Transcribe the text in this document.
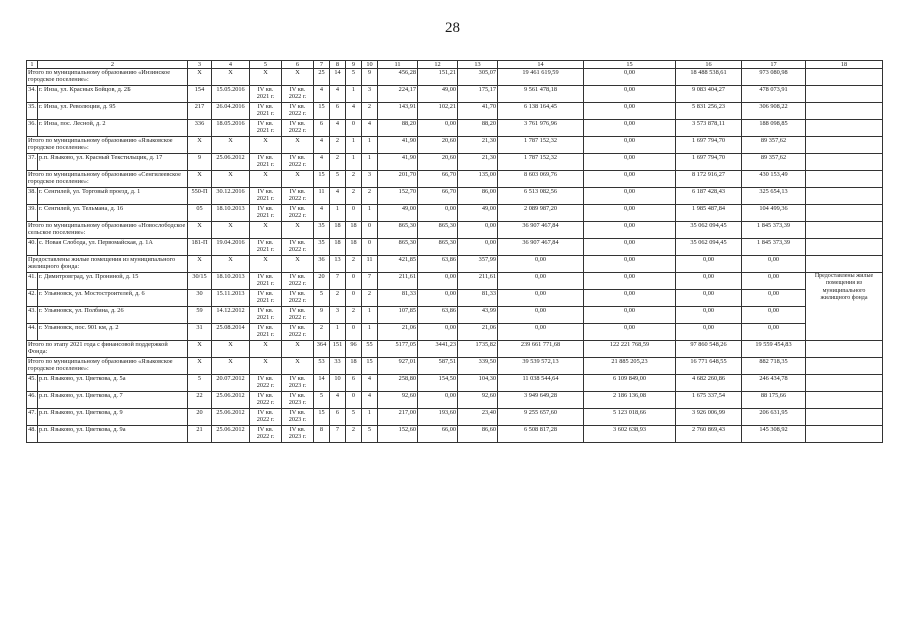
28
1	2	3	4	5	6	7	8	9	10	11	12	13	14	15	16	17	18
Итого по муниципальному образованию «Инзинское городское поселение»:		X	X	X	X	25	14	5	9	456,28	151,21	305,07	19 461 619,59	0,00	18 488 538,61	973 080,98	
34.	г. Инза, ул. Красных Бойцов, д. 2Б	154	15.05.2016	IV кв. 2021 г.	IV кв. 2022 г.	4	4	1	3	224,17	49,00	175,17	9 561 478,18	0,00	9 083 404,27	478 073,91	
35.	г. Инза, ул. Революции, д. 95	217	26.04.2016	IV кв. 2021 г.	IV кв. 2022 г.	15	6	4	2	143,91	102,21	41,70	6 138 164,45	0,00	5 831 256,23	306 908,22	
36.	г. Инза, пос. Лесной, д. 2	336	18.05.2016	IV кв. 2021 г.	IV кв. 2022 г.	6	4	0	4	88,20	0,00	88,20	3 761 976,96	0,00	3 573 878,11	188 098,85	
Итого по муниципальному образованию «Языковское городское поселение»:		X	X	X	X	4	2	1	1	41,90	20,60	21,30	1 787 152,32	0,00	1 697 794,70	89 357,62	
37.	р.п. Языково, ул. Красный Текстильщик, д. 17	9	25.06.2012	IV кв. 2021 г.	IV кв. 2022 г.	4	2	1	1	41,90	20,60	21,30	1 787 152,32	0,00	1 697 794,70	89 357,62	
Итого по муниципальному образованию «Сенгилеевское городское поселение»:		X	X	X	X	15	5	2	3	201,70	66,70	135,00	8 603 069,76	0,00	8 172 916,27	430 153,49	
38.	г. Сенгилей, ул. Торговый проезд, д. 1	550-П	30.12.2016	IV кв. 2021 г.	IV кв. 2022 г.	11	4	2	2	152,70	66,70	86,00	6 513 082,56	0,00	6 187 428,43	325 654,13	
39.	г. Сенгилей, ул. Тельмана, д. 16	05	18.10.2013	IV кв. 2021 г.	IV кв. 2022 г.	4	1	0	1	49,00	0,00	49,00	2 089 987,20	0,00	1 985 487,84	104 499,36	
Итого по муниципальному образованию «Новослободское сельское поселение»:		X	X	X	X	35	18	18	0	865,30	865,30	0,00	36 907 467,84	0,00	35 062 094,45	1 845 373,39	
40.	с. Новая Слобода, ул. Первомайская, д. 1А	181-П	19.04.2016	IV кв. 2021 г.	IV кв. 2022 г.	35	18	18	0	865,30	865,30	0,00	36 907 467,84	0,00	35 062 094,45	1 845 373,39	
Предоставлены жилые помещения из муниципального жилищного фонда:		X	X	X	X	36	13	2	11	421,85	63,86	357,99	0,00	0,00	0,00	0,00	
41.	г. Димитровград, ул. Прониной, д. 15	30/15	18.10.2013	IV кв. 2021 г.	IV кв. 2022 г.	20	7	0	7	211,61	0,00	211,61	0,00	0,00	0,00	0,00	Предоставлены жилые помещения из муниципального жилищного фонда
42.	г. Ульяновск, ул. Мостостроителей, д. 6	30	15.11.2013	IV кв. 2021 г.	IV кв. 2022 г.	5	2	0	2	81,33	0,00	81,33	0,00	0,00	0,00	0,00	
43.	г. Ульяновск, ул. Полбина, д. 26	59	14.12.2012	IV кв. 2021 г.	IV кв. 2022 г.	9	3	2	1	107,85	63,86	43,99	0,00	0,00	0,00	0,00	
44.	г. Ульяновск, пос. 901 км, д. 2	31	25.08.2014	IV кв. 2021 г.	IV кв. 2022 г.	2	1	0	1	21,06	0,00	21,06	0,00	0,00	0,00	0,00	
Итого по этапу 2021 года с финансовой поддержкой Фонда:		X	X	X	X	364	151	96	55	5177,05	3441,23	1735,82	239 661 771,68	122 221 768,59	97 860 548,26	19 559 454,83	
Итого по муниципальному образованию «Языковское городское поселение»:		X	X	X	X	53	33	18	15	927,01	587,51	339,50	39 539 572,13	21 885 205,23	16 771 648,55	882 718,35	
45.	р.п. Языково, ул. Цветкова, д. 5а	5	20.07.2012	IV кв. 2022 г.	IV кв. 2023 г.	14	10	6	4	258,80	154,50	104,30	11 038 544,64	6 109 849,00	4 682 260,86	246 434,78	
46.	р.п. Языково, ул. Цветкова, д. 7	22	25.06.2012	IV кв. 2022 г.	IV кв. 2023 г.	5	4	0	4	92,60	0,00	92,60	3 949 649,28	2 186 136,08	1 675 337,54	88 175,66	
47.	р.п. Языково, ул. Цветкова, д. 9	20	25.06.2012	IV кв. 2022 г.	IV кв. 2023 г.	15	6	5	1	217,00	193,60	23,40	9 255 657,60	5 123 018,66	3 926 006,99	206 631,95	
48.	р.п. Языково, ул. Цветкова, д. 9а	21	25.06.2012	IV кв. 2022 г.	IV кв. 2023 г.	8	7	2	5	152,60	66,00	86,60	6 508 817,28	3 602 638,93	2 760 869,43	145 308,92	
